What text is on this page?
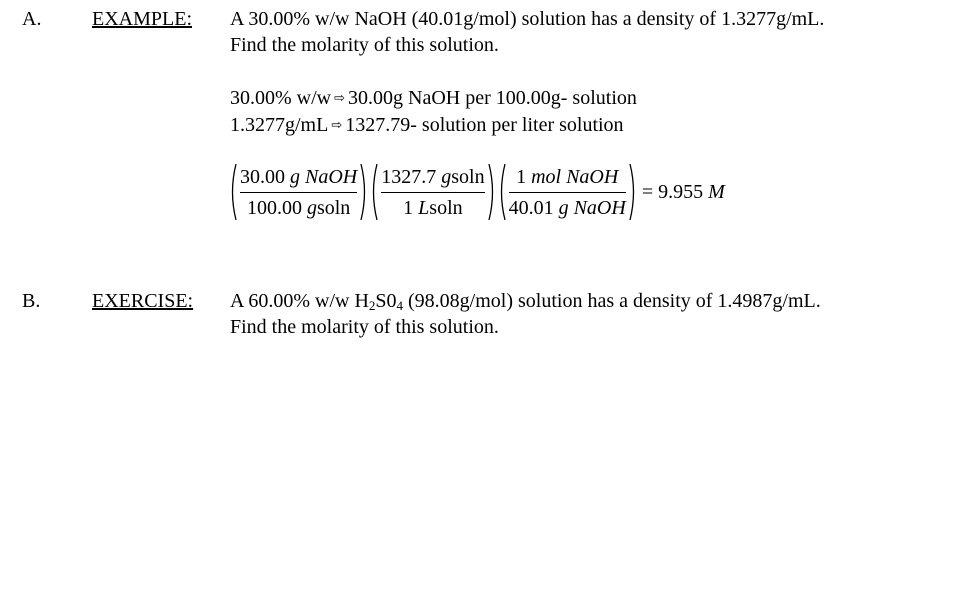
A.	EXAMPLE: A 30.00% w/w NaOH (40.01g/mol) solution has a density of 1.3277g/mL.
Find the molarity of this solution.
30.00% w/w ⇨ 30.00g NaOH per 100.00g- solution
1.3277g/mL ⇨ 1327.79- solution per liter solution
$\frac{\text{30.00 g NaOH}}{\text{100.00 gsoln}} \frac{\text{1327.7 gsoln}}{\text{1 Lsoln}} \frac{\text{1 mol NaOH}}{\text{40.01 g NaOH}} = 9.955$ M
B.	EXERCISE: A 60.00% w/w $H_2S0_4$ (98.08g/mol) solution has a density of 1.4987g/mL.
Find the molarity of this solution.
